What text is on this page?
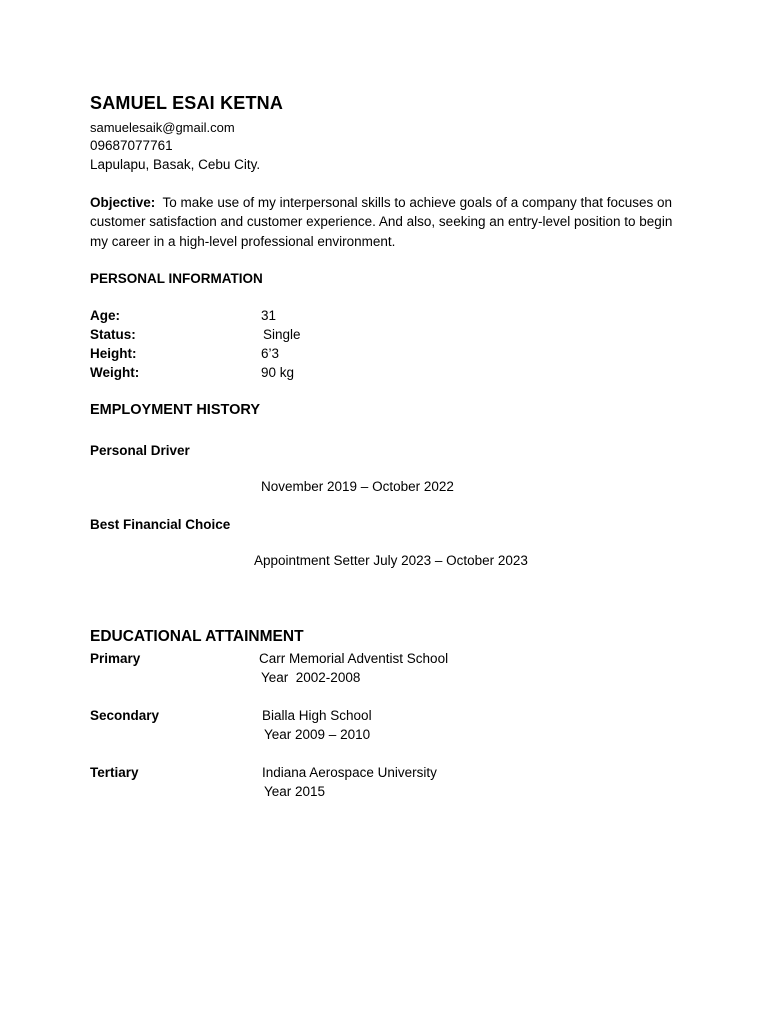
SAMUEL ESAI KETNA
samuelesaik@gmail.com
09687077761
Lapulapu, Basak, Cebu City.
Objective: To make use of my interpersonal skills to achieve goals of a company that focuses on customer satisfaction and customer experience. And also, seeking an entry-level position to begin my career in a high-level professional environment.
PERSONAL INFORMATION
Age:	31
Status:	Single
Height:	6’3
Weight:	90 kg
EMPLOYMENT HISTORY
Personal Driver
November 2019 – October 2022
Best Financial Choice
Appointment Setter July 2023 – October 2023
EDUCATIONAL ATTAINMENT
Primary	Carr Memorial Adventist School
Year  2002-2008
Secondary	Bialla High School
Year 2009 – 2010
Tertiary	Indiana Aerospace University
Year 2015
